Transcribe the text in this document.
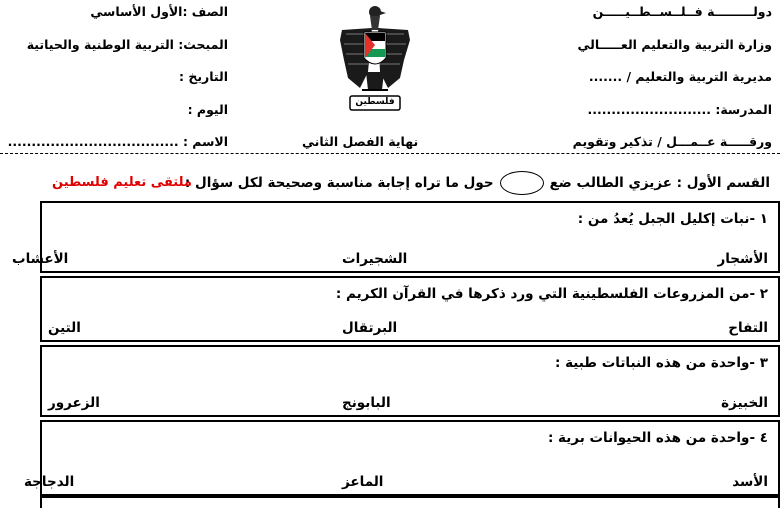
دولـــــــــة فــلــســطــيـــــن
وزارة التربية والتعليم العـــــالي
مديرية التربية والتعليم / .......
المدرسة: ..........................
ورقـــــة عــمـــل / تذكير وتقويم
الصف :الأول الأساسي
المبحث: التربية الوطنية والحياتية
التاريخ :
اليوم :
الاسم : ....................................	نهاية الفصل الثاني
فلسطين
القسم الأول : عزيزي الطالب ضع
حول ما تراه إجابة مناسبة وصحيحة لكل سؤال :
ملتقى تعليم فلسطين
١ -نبات إكليل الجبل يُعدُ من :
الأشجار
الشجيرات
الأعشاب
٢ -من المزروعات الفلسطينية التي ورد ذكرها في القرآن الكريم :
التفاح
البرتقال
التين
٣ -واحدة من هذه النباتات طبية :
الخبيزة
البابونج
الزعرور
٤ -واحدة من هذه الحيوانات برية :
الأسد
الماعز
الدجاجة
